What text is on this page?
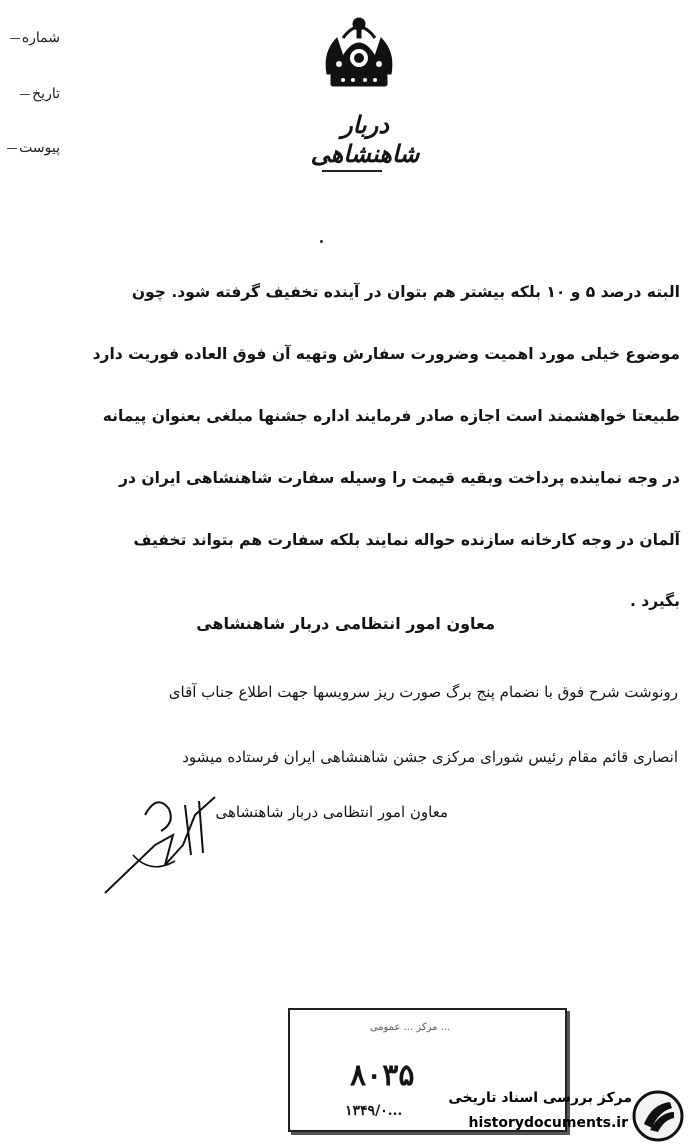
شماره
تاریخ
پیوست
دربار شاهنشاهی
البته درصد ۵ و ۱۰ بلکه بیشتر هم بتوان در آینده تخفیف گرفته شود. چون
موضوع خیلی مورد اهمیت وضرورت سفارش وتهیه آن فوق العاده فوریت دارد
طبیعتا خواهشمند است اجازه صادر فرمایند اداره جشنها مبلغی بعنوان پیمانه
در وجه نماینده پرداخت وبقیه قیمت را وسیله سفارت شاهنشاهی ایران در
آلمان در وجه کارخانه سازنده حواله نمایند بلکه سفارت هم بتواند تخفیف
بگیرد .
معاون امور انتظامی دربار شاهنشاهی
رونوشت شرح فوق با نضمام پنج برگ صورت ریز سرویسها جهت اطلاع جناب آقای
انصاری قائم مقام رئیس شورای مرکزی جشن شاهنشاهی ایران فرستاده میشود
معاون امور انتظامی دربار شاهنشاهی
... مرکز ... عمومی
۸۰۳۵
۱۳۴۹/۰...
مرکز بررسی اسناد تاریخی
historydocuments.ir
